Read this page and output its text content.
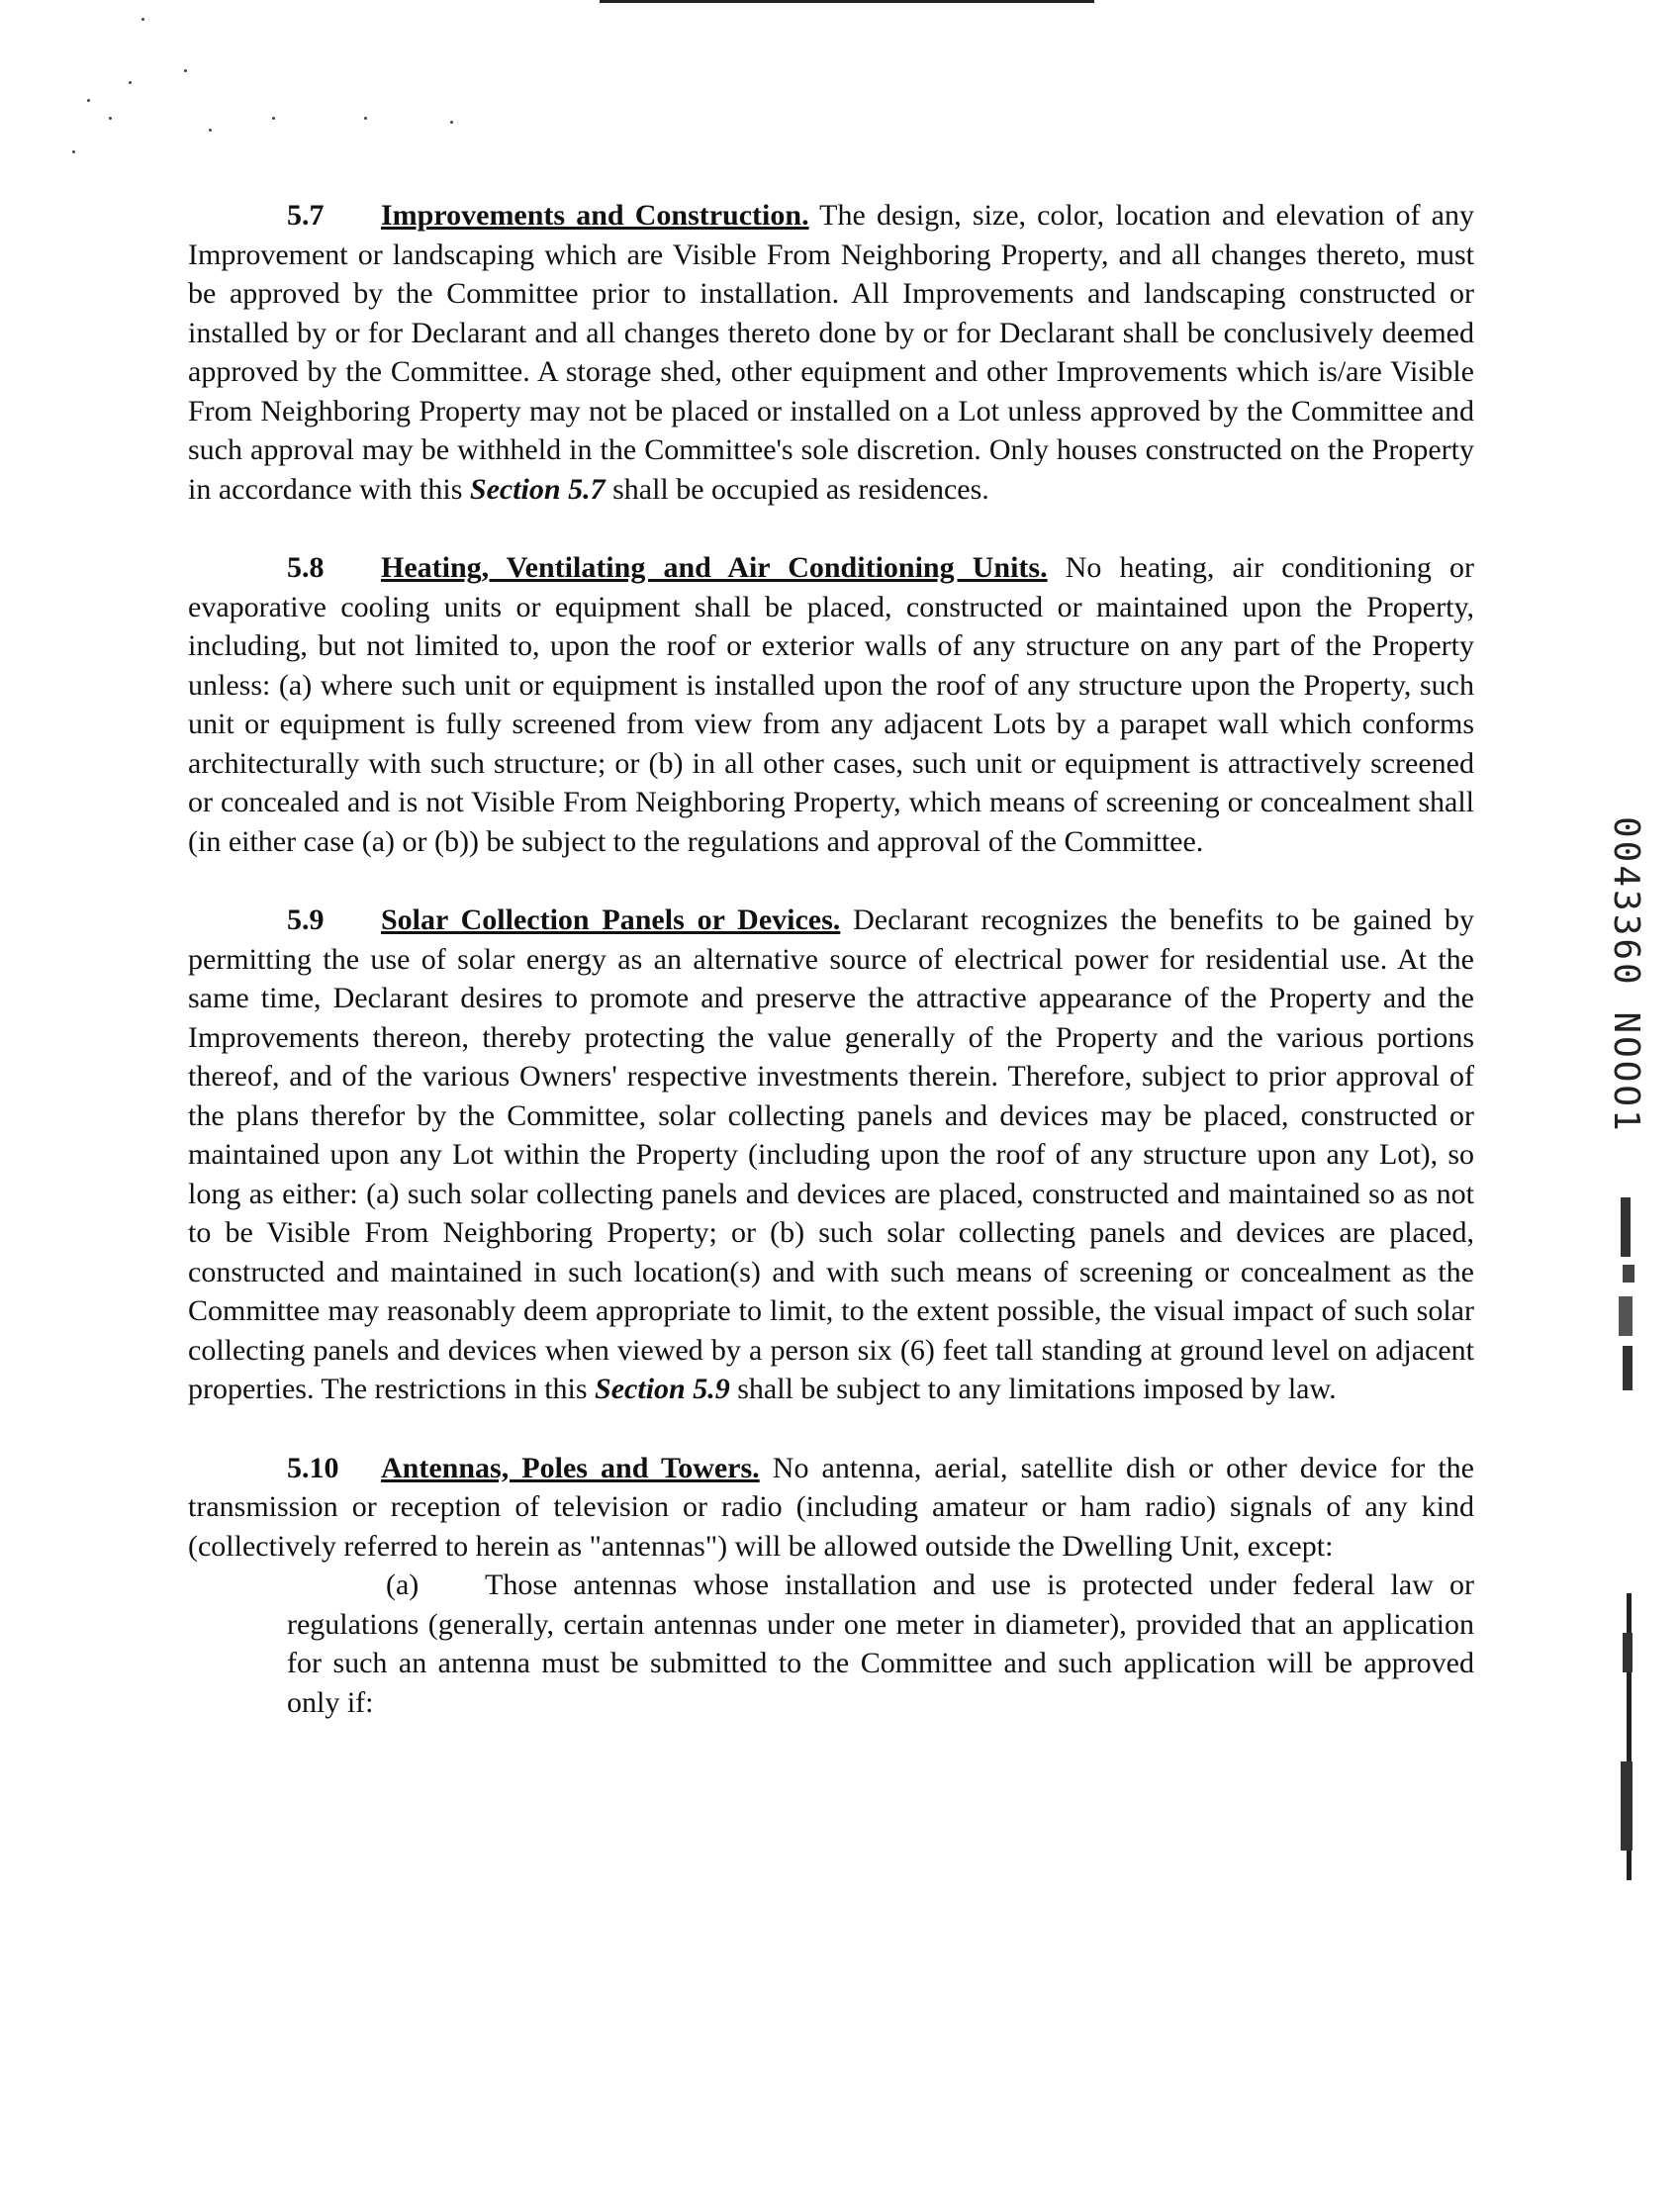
5.7 Improvements and Construction. The design, size, color, location and elevation of any Improvement or landscaping which are Visible From Neighboring Property, and all changes thereto, must be approved by the Committee prior to installation. All Improvements and landscaping constructed or installed by or for Declarant and all changes thereto done by or for Declarant shall be conclusively deemed approved by the Committee. A storage shed, other equipment and other Improvements which is/are Visible From Neighboring Property may not be placed or installed on a Lot unless approved by the Committee and such approval may be withheld in the Committee's sole discretion. Only houses constructed on the Property in accordance with this Section 5.7 shall be occupied as residences.

5.8 Heating, Ventilating and Air Conditioning Units. No heating, air conditioning or evaporative cooling units or equipment shall be placed, constructed or maintained upon the Property, including, but not limited to, upon the roof or exterior walls of any structure on any part of the Property unless: (a) where such unit or equipment is installed upon the roof of any structure upon the Property, such unit or equipment is fully screened from view from any adjacent Lots by a parapet wall which conforms architecturally with such structure; or (b) in all other cases, such unit or equipment is attractively screened or concealed and is not Visible From Neighboring Property, which means of screening or concealment shall (in either case (a) or (b)) be subject to the regulations and approval of the Committee.

5.9 Solar Collection Panels or Devices. Declarant recognizes the benefits to be gained by permitting the use of solar energy as an alternative source of electrical power for residential use. At the same time, Declarant desires to promote and preserve the attractive appearance of the Property and the Improvements thereon, thereby protecting the value generally of the Property and the various portions thereof, and of the various Owners' respective investments therein. Therefore, subject to prior approval of the plans therefor by the Committee, solar collecting panels and devices may be placed, constructed or maintained upon any Lot within the Property (including upon the roof of any structure upon any Lot), so long as either: (a) such solar collecting panels and devices are placed, constructed and maintained so as not to be Visible From Neighboring Property; or (b) such solar collecting panels and devices are placed, constructed and maintained in such location(s) and with such means of screening or concealment as the Committee may reasonably deem appropriate to limit, to the extent possible, the visual impact of such solar collecting panels and devices when viewed by a person six (6) feet tall standing at ground level on adjacent properties. The restrictions in this Section 5.9 shall be subject to any limitations imposed by law.

5.10 Antennas, Poles and Towers. No antenna, aerial, satellite dish or other device for the transmission or reception of television or radio (including amateur or ham radio) signals of any kind (collectively referred to herein as "antennas") will be allowed outside the Dwelling Unit, except:

(a) Those antennas whose installation and use is protected under federal law or regulations (generally, certain antennas under one meter in diameter), provided that an application for such an antenna must be submitted to the Committee and such application will be approved only if:

0043360 NOOO1
